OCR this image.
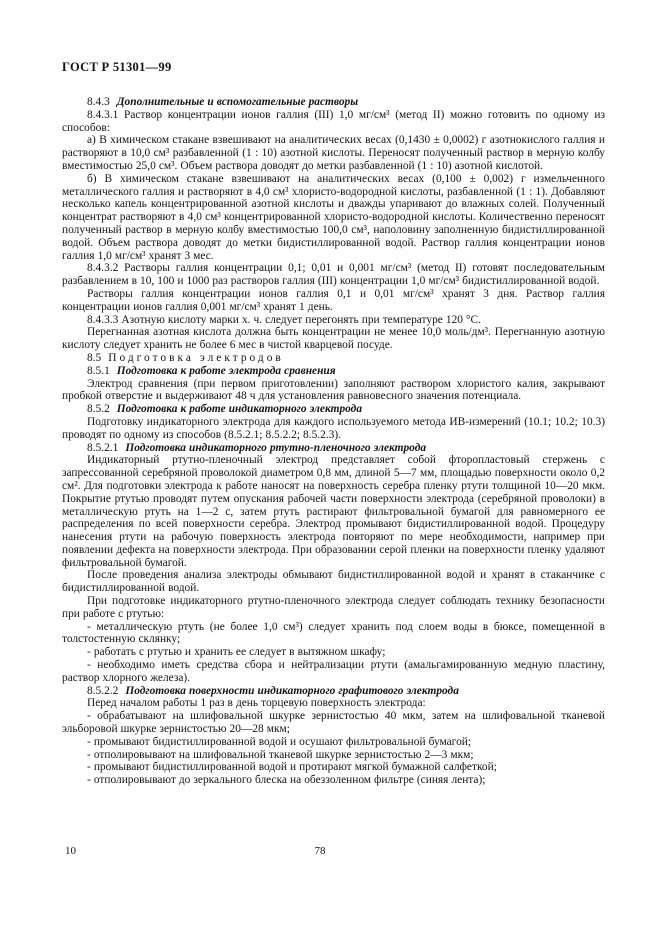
ГОСТ Р 51301—99

8.4.3 Дополнительные и вспомогательные растворы

8.4.3.1 Раствор концентрации ионов галлия (III) 1,0 мг/см³ (метод II) можно готовить по одному из способов:

а) В химическом стакане взвешивают на аналитических весах (0,1430 ± 0,0002) г азотнокислого галлия и растворяют в 10,0 см³ разбавленной (1 : 10) азотной кислоты. Переносят полученный раствор в мерную колбу вместимостью 25,0 см³. Объем раствора доводят до метки разбавленной (1 : 10) азотной кислотой.

б) В химическом стакане взвешивают на аналитических весах (0,100 ± 0,002) г измельченного металлического галлия и растворяют в 4,0 см³ хлористо-водородной кислоты, разбавленной (1 : 1). Добавляют несколько капель концентрированной азотной кислоты и дважды упаривают до влажных солей. Полученный концентрат растворяют в 4,0 см³ концентрированной хлористо-водородной кислоты. Количественно переносят полученный раствор в мерную колбу вместимостью 100,0 см³, наполовину заполненную бидистиллированной водой. Объем раствора доводят до метки бидистиллированной водой. Раствор галлия концентрации ионов галлия 1,0 мг/см³ хранят 3 мес.

8.4.3.2 Растворы галлия концентрации 0,1; 0,01 и 0,001 мг/см³ (метод II) готовят последовательным разбавлением в 10, 100 и 1000 раз растворов галлия (III) концентрации 1,0 мг/см³ бидистиллированной водой.

Растворы галлия концентрации ионов галлия 0,1 и 0,01 мг/см³ хранят 3 дня. Раствор галлия концентрации ионов галлия 0,001 мг/см³ хранят 1 день.

8.4.3.3 Азотную кислоту марки х. ч. следует перегонять при температуре 120 °С.

Перегнанная азотная кислота должна быть концентрации не менее 10,0 моль/дм³. Перегнанную азотную кислоту следует хранить не более 6 мес в чистой кварцевой посуде.

8.5 Подготовка электродов

8.5.1 Подготовка к работе электрода сравнения

Электрод сравнения (при первом приготовлении) заполняют раствором хлористого калия, закрывают пробкой отверстие и выдерживают 48 ч для установления равновесного значения потенциала.

8.5.2 Подготовка к работе индикаторного электрода

Подготовку индикаторного электрода для каждого используемого метода ИВ-измерений (10.1; 10.2; 10.3) проводят по одному из способов (8.5.2.1; 8.5.2.2; 8.5.2.3).

8.5.2.1 Подготовка индикаторного ртутно-пленочного электрода

Индикаторный ртутно-пленочный электрод представляет собой фторопластовый стержень с запрессованной серебряной проволокой диаметром 0,8 мм, длиной 5—7 мм, площадью поверхности около 0,2 см². Для подготовки электрода к работе наносят на поверхность серебра пленку ртути толщиной 10—20 мкм. Покрытие ртутью проводят путем опускания рабочей части поверхности электрода (серебряной проволоки) в металлическую ртуть на 1—2 с, затем ртуть растирают фильтровальной бумагой для равномерного ее распределения по всей поверхности серебра. Электрод промывают бидистиллированной водой. Процедуру нанесения ртути на рабочую поверхность электрода повторяют по мере необходимости, например при появлении дефекта на поверхности электрода. При образовании серой пленки на поверхности пленку удаляют фильтровальной бумагой.

После проведения анализа электроды обмывают бидистиллированной водой и хранят в стаканчике с бидистиллированной водой.

При подготовке индикаторного ртутно-пленочного электрода следует соблюдать технику безопасности при работе с ртутью:

- металлическую ртуть (не более 1,0 см³) следует хранить под слоем воды в бюксе, помещенной в толстостенную склянку;

- работать с ртутью и хранить ее следует в вытяжном шкафу;

- необходимо иметь средства сбора и нейтрализации ртути (амальгамированную медную пластину, раствор хлорного железа).

8.5.2.2 Подготовка поверхности индикаторного графитового электрода

Перед началом работы 1 раз в день торцевую поверхность электрода:

- обрабатывают на шлифовальной шкурке зернистостью 40 мкм, затем на шлифовальной тканевой эльборовой шкурке зернистостью 20—28 мкм;

- промывают бидистиллированной водой и осушают фильтровальной бумагой;

- отполировывают на шлифовальной тканевой шкурке зернистостью 2—3 мкм;

- промывают бидистиллированной водой и протирают мягкой бумажной салфеткой;

- отполировывают до зеркального блеска на обеззоленном фильтре (синяя лента);

10	78
